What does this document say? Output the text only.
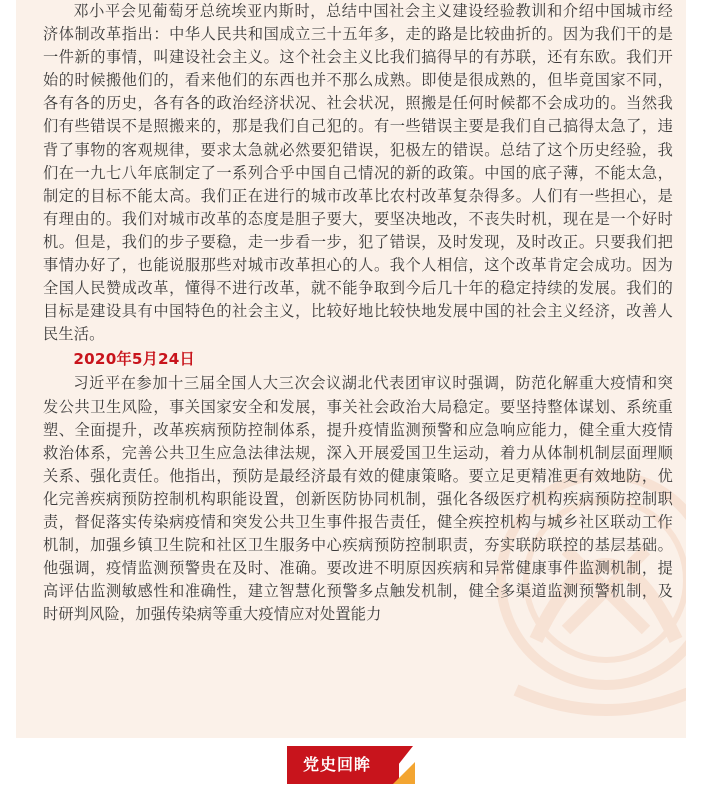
邓小平会见葡萄牙总统埃亚内斯时，总结中国社会主义建设经验教训和介绍中国城市经济体制改革指出：中华人民共和国成立三十五年多，走的路是比较曲折的。因为我们干的是一件新的事情，叫建设社会主义。这个社会主义比我们搞得早的有苏联，还有东欧。我们开始的时候搬他们的，看来他们的东西也并不那么成熟。即使是很成熟的，但毕竟国家不同，各有各的历史，各有各的政治经济状况、社会状况，照搬是任何时候都不会成功的。当然我们有些错误不是照搬来的，那是我们自己犯的。有一些错误主要是我们自己搞得太急了，违背了事物的客观规律，要求太急就必然要犯错误，犯极左的错误。总结了这个历史经验，我们在一九七八年底制定了一系列合乎中国自己情况的新的政策。中国的底子薄，不能太急，制定的目标不能太高。我们正在进行的城市改革比农村改革复杂得多。人们有一些担心，是有理由的。我们对城市改革的态度是胆子要大，要坚决地改，不丧失时机，现在是一个好时机。但是，我们的步子要稳，走一步看一步，犯了错误，及时发现，及时改正。只要我们把事情办好了，也能说服那些对城市改革担心的人。我个人相信，这个改革肯定会成功。因为全国人民赞成改革，懂得不进行改革，就不能争取到今后几十年的稳定持续的发展。我们的目标是建设具有中国特色的社会主义，比较好地比较快地发展中国的社会主义经济，改善人民生活。

2020年5月24日

习近平在参加十三届全国人大三次会议湖北代表团审议时强调，防范化解重大疫情和突发公共卫生风险，事关国家安全和发展，事关社会政治大局稳定。要坚持整体谋划、系统重塑、全面提升，改革疾病预防控制体系，提升疫情监测预警和应急响应能力，健全重大疫情救治体系，完善公共卫生应急法律法规，深入开展爱国卫生运动，着力从体制机制层面理顺关系、强化责任。他指出，预防是最经济最有效的健康策略。要立足更精准更有效地防，优化完善疾病预防控制机构职能设置，创新医防协同机制，强化各级医疗机构疾病预防控制职责，督促落实传染病疫情和突发公共卫生事件报告责任，健全疾控机构与城乡社区联动工作机制，加强乡镇卫生院和社区卫生服务中心疾病预防控制职责，夯实联防联控的基层基础。他强调，疫情监测预警贵在及时、准确。要改进不明原因疾病和异常健康事件监测机制，提高评估监测敏感性和准确性，建立智慧化预警多点触发机制，健全多渠道监测预警机制，及时研判风险，加强传染病等重大疫情应对处置能力

党史回眸
